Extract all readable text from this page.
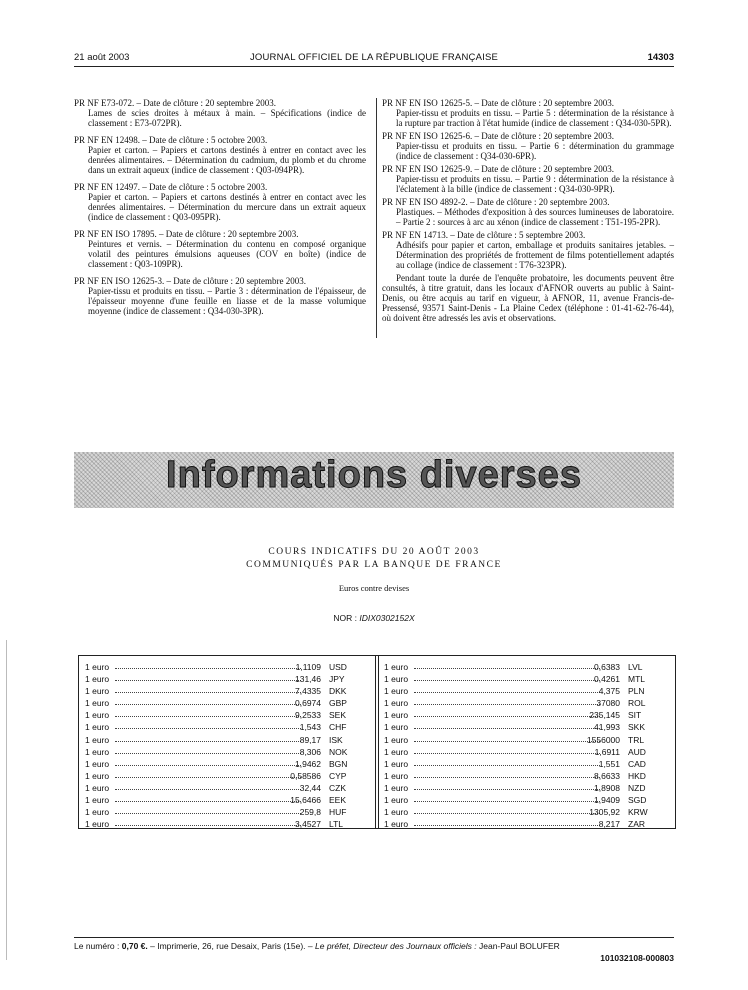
21 août 2003	JOURNAL OFFICIEL DE LA RÉPUBLIQUE FRANÇAISE	14303
PR NF E73-072. – Date de clôture : 20 septembre 2003.
Lames de scies droites à métaux à main. – Spécifications (indice de classement : E73-072PR).
PR NF EN 12498. – Date de clôture : 5 octobre 2003.
Papier et carton. – Papiers et cartons destinés à entrer en contact avec les denrées alimentaires. – Détermination du cadmium, du plomb et du chrome dans un extrait aqueux (indice de classement : Q03-094PR).
PR NF EN 12497. – Date de clôture : 5 octobre 2003.
Papier et carton. – Papiers et cartons destinés à entrer en contact avec les denrées alimentaires. – Détermination du mercure dans un extrait aqueux (indice de classement : Q03-095PR).
PR NF EN ISO 17895. – Date de clôture : 20 septembre 2003.
Peintures et vernis. – Détermination du contenu en composé organique volatil des peintures émulsions aqueuses (COV en boîte) (indice de classement : Q03-109PR).
PR NF EN ISO 12625-3. – Date de clôture : 20 septembre 2003.
Papier-tissu et produits en tissu. – Partie 3 : détermination de l'épaisseur, de l'épaisseur moyenne d'une feuille en liasse et de la masse volumique moyenne (indice de classement : Q34-030-3PR).
PR NF EN ISO 12625-5. – Date de clôture : 20 septembre 2003.
Papier-tissu et produits en tissu. – Partie 5 : détermination de la résistance à la rupture par traction à l'état humide (indice de classement : Q34-030-5PR).
PR NF EN ISO 12625-6. – Date de clôture : 20 septembre 2003.
Papier-tissu et produits en tissu. – Partie 6 : détermination du grammage (indice de classement : Q34-030-6PR).
PR NF EN ISO 12625-9. – Date de clôture : 20 septembre 2003.
Papier-tissu et produits en tissu. – Partie 9 : détermination de la résistance à l'éclatement à la bille (indice de classement : Q34-030-9PR).
PR NF EN ISO 4892-2. – Date de clôture : 20 septembre 2003.
Plastiques. – Méthodes d'exposition à des sources lumineuses de laboratoire. – Partie 2 : sources à arc au xénon (indice de classement : T51-195-2PR).
PR NF EN 14713. – Date de clôture : 5 septembre 2003.
Adhésifs pour papier et carton, emballage et produits sanitaires jetables. – Détermination des propriétés de frottement de films potentiellement adaptés au collage (indice de classement : T76-323PR).
Pendant toute la durée de l'enquête probatoire, les documents peuvent être consultés, à titre gratuit, dans les locaux d'AFNOR ouverts au public à Saint-Denis, ou être acquis au tarif en vigueur, à AFNOR, 11, avenue Francis-de-Pressensé, 93571 Saint-Denis - La Plaine Cedex (téléphone : 01-41-62-76-44), où doivent être adressés les avis et observations.
Informations diverses
COURS INDICATIFS DU 20 AOÛT 2003
COMMUNIQUÉS PAR LA BANQUE DE FRANCE
Euros contre devises
NOR : IDIX0302152X
1 euro	1,1109 USD
1 euro	131,46 JPY
1 euro	7,4335 DKK
1 euro	0,6974 GBP
1 euro	9,2533 SEK
1 euro	1,543 CHF
1 euro	89,17 ISK
1 euro	8,306 NOK
1 euro	1,9462 BGN
1 euro	0,58586 CYP
1 euro	32,44 CZK
1 euro	15,6466 EEK
1 euro	259,8 HUF
1 euro	3,4527 LTL
1 euro	0,6383 LVL
1 euro	0,4261 MTL
1 euro	4,375 PLN
1 euro	37080 ROL
1 euro	235,145 SIT
1 euro	41,993 SKK
1 euro	1556000 TRL
1 euro	1,6911 AUD
1 euro	1,551 CAD
1 euro	8,6633 HKD
1 euro	1,8908 NZD
1 euro	1,9409 SGD
1 euro	1305,92 KRW
1 euro	8,217 ZAR
Le numéro : 0,70 €. – Imprimerie, 26, rue Desaix, Paris (15e). – Le préfet, Directeur des Journaux officiels : Jean-Paul BOLUFER
101032108-000803
